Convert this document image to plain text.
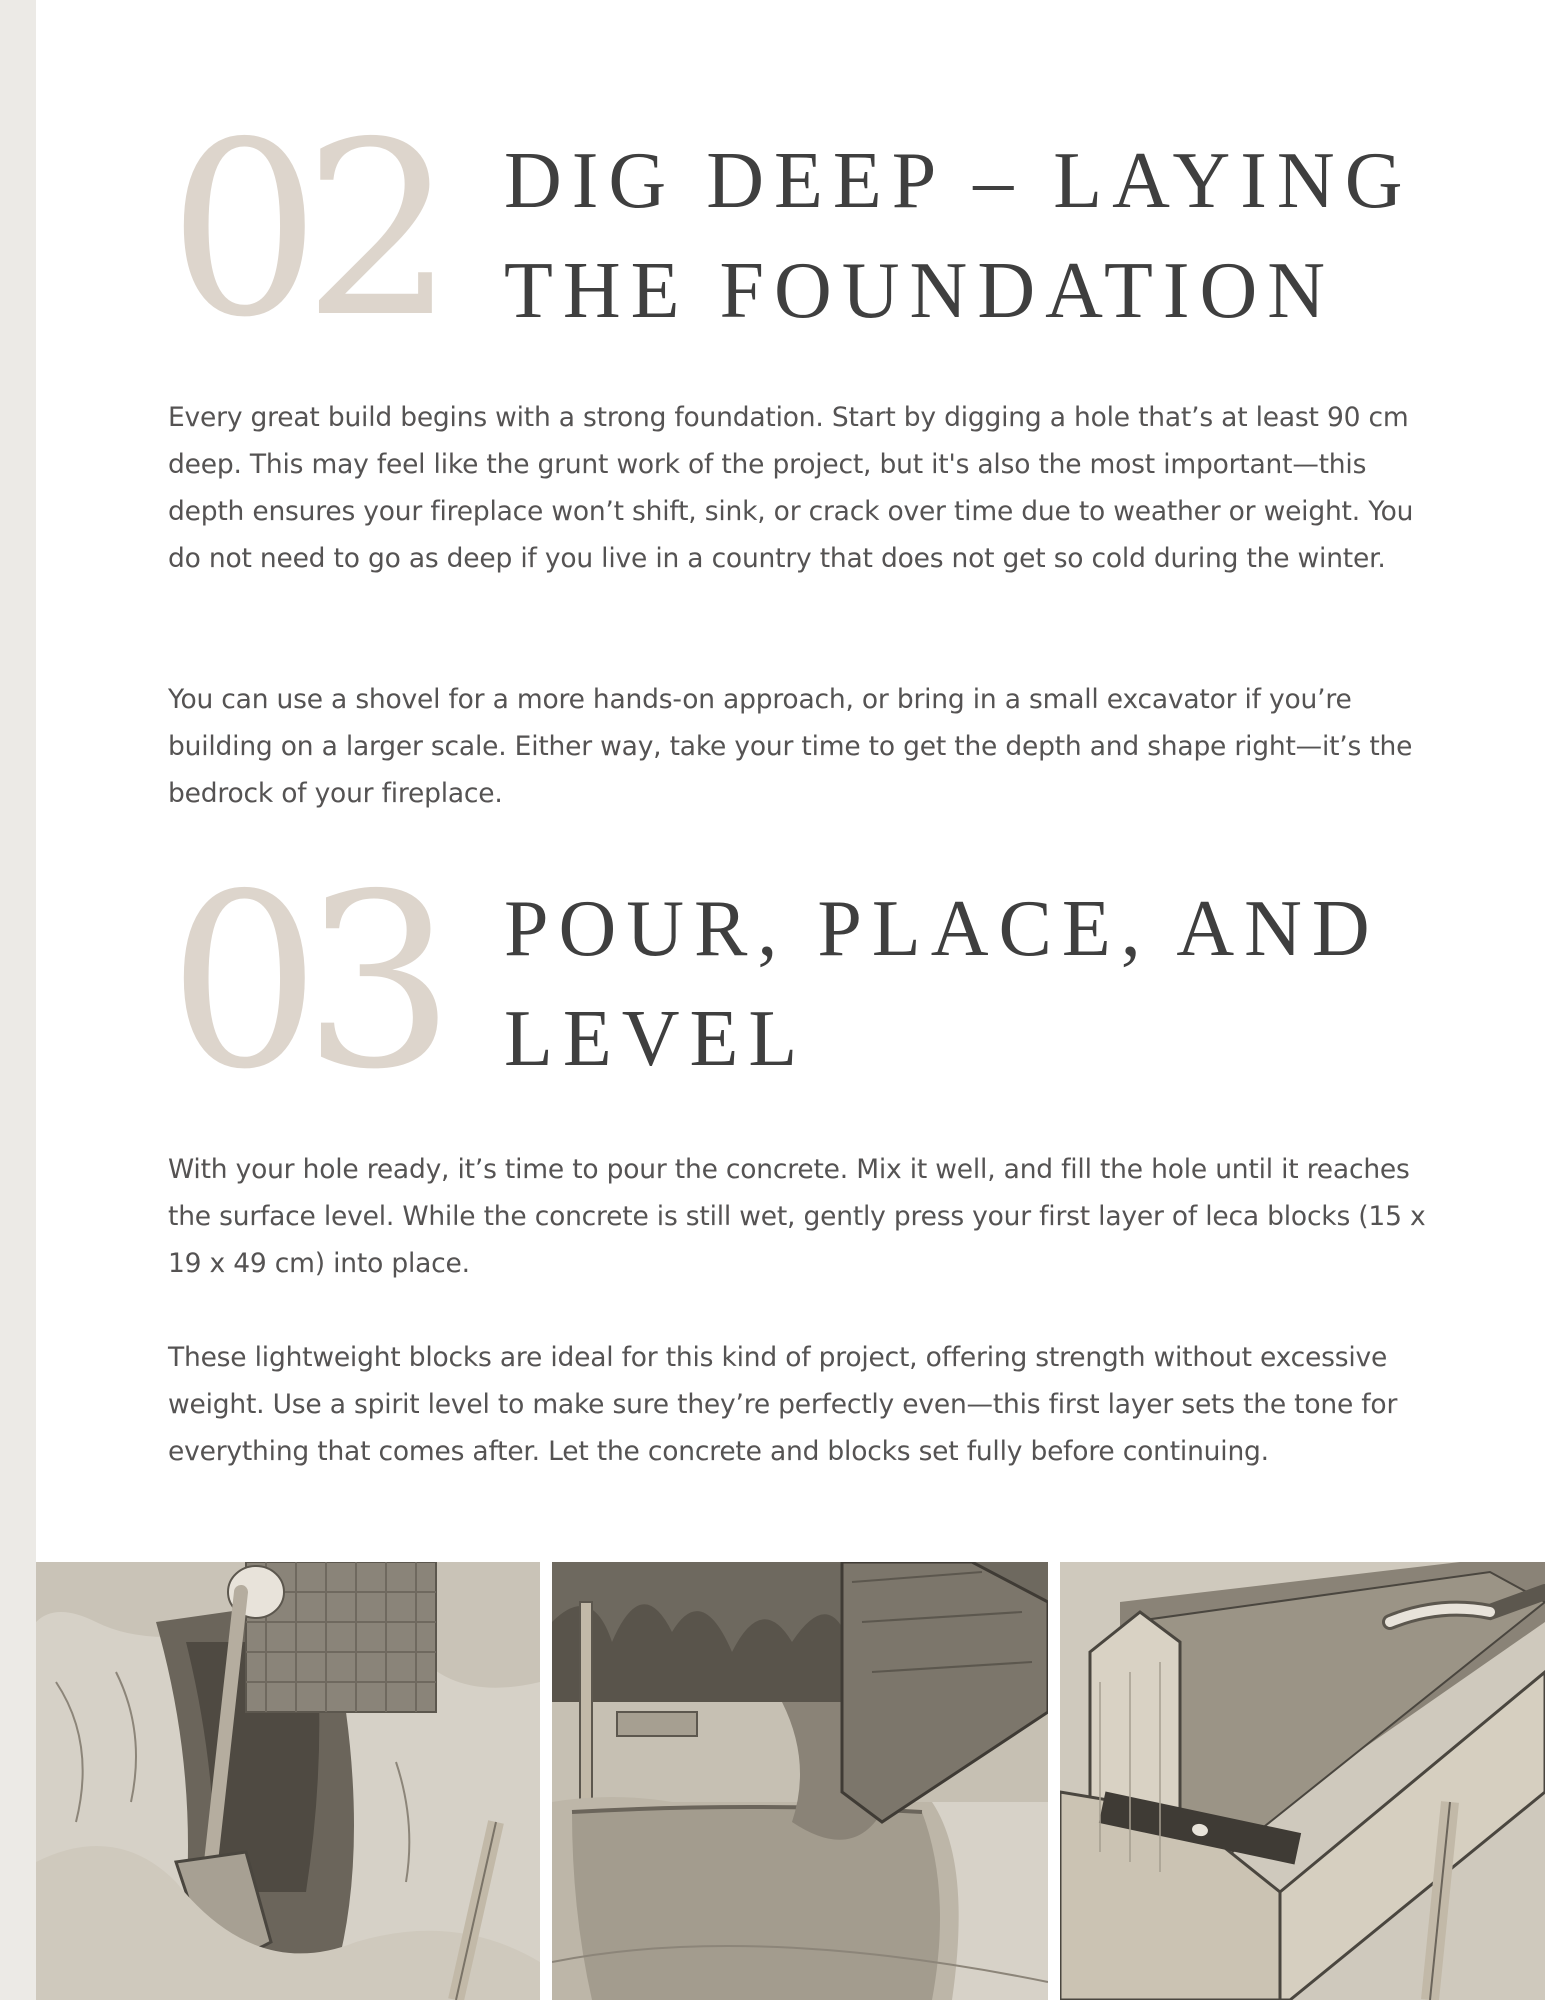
02 DIG DEEP – LAYING
THE FOUNDATION

Every great build begins with a strong foundation. Start by digging a hole that’s at least 90 cm deep. This may feel like the grunt work of the project, but it's also the most important—this depth ensures your fireplace won’t shift, sink, or crack over time due to weather or weight. You do not need to go as deep if you live in a country that does not get so cold during the winter.

You can use a shovel for a more hands-on approach, or bring in a small excavator if you’re building on a larger scale. Either way, take your time to get the depth and shape right—it’s the bedrock of your fireplace.

03 POUR, PLACE, AND
LEVEL

With your hole ready, it’s time to pour the concrete. Mix it well, and fill the hole until it reaches the surface level. While the concrete is still wet, gently press your first layer of leca blocks (15 x 19 x 49 cm) into place.

These lightweight blocks are ideal for this kind of project, offering strength without excessive weight. Use a spirit level to make sure they’re perfectly even—this first layer sets the tone for everything that comes after. Let the concrete and blocks set fully before continuing.
